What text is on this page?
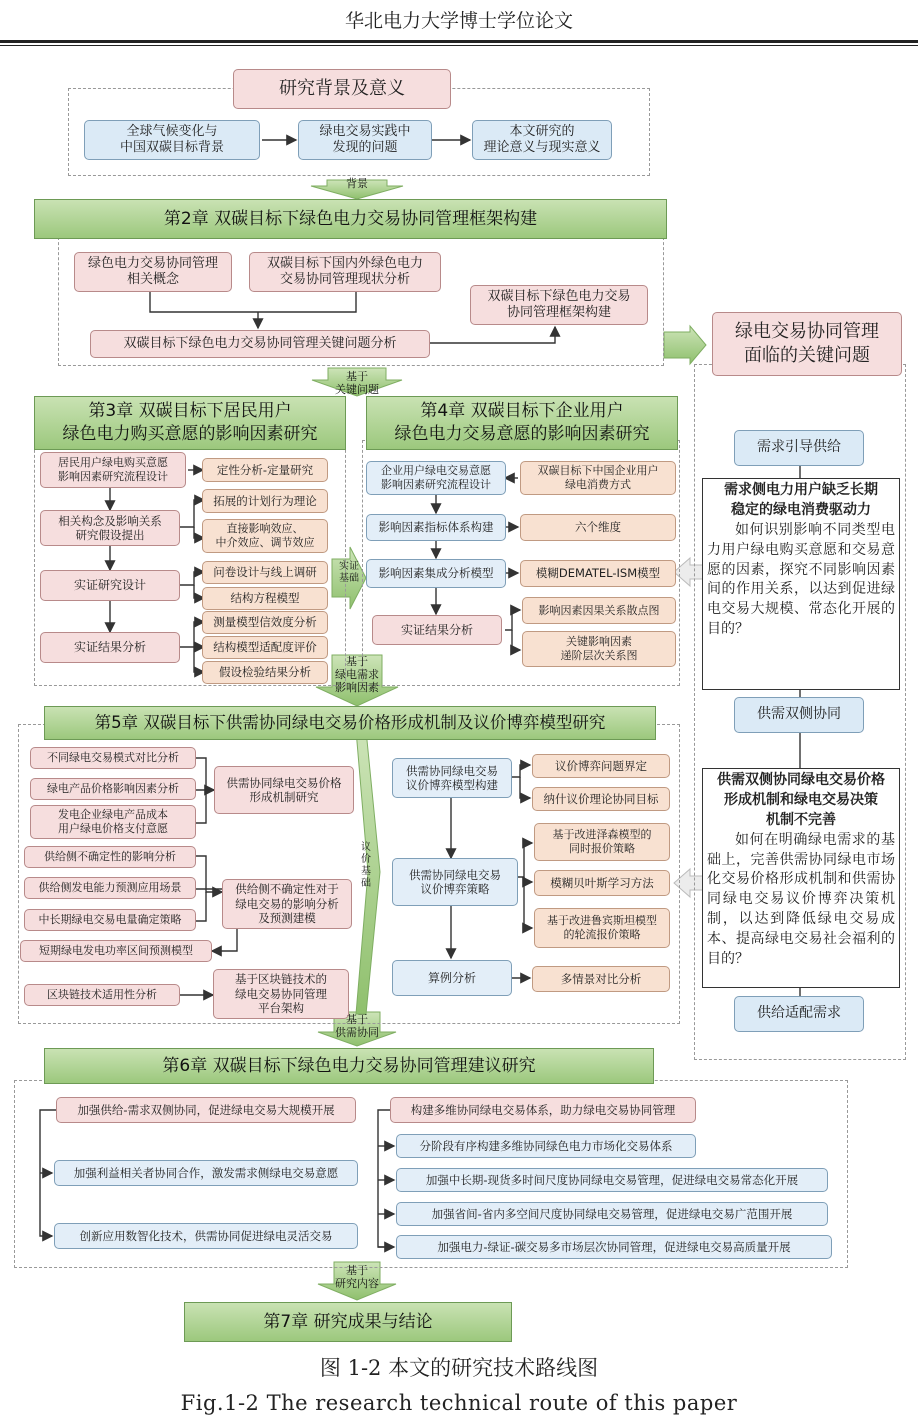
华北电力大学博士学位论文
研究背景及意义
全球气候变化与
中国双碳目标背景
绿电交易实践中
发现的问题
本文研究的
理论意义与现实意义
背景
第2章 双碳目标下绿色电力交易协同管理框架构建
绿色电力交易协同管理
相关概念
双碳目标下国内外绿色电力
交易协同管理现状分析
双碳目标下绿色电力交易
协同管理框架构建
双碳目标下绿色电力交易协同管理关键问题分析
基于
关键问题
第3章 双碳目标下居民用户
绿色电力购买意愿的影响因素研究
居民用户绿电购买意愿
影响因素研究流程设计
相关构念及影响关系
研究假设提出
实证研究设计
实证结果分析
定性分析-定量研究
拓展的计划行为理论
直接影响效应、
中介效应、调节效应
问卷设计与线上调研
结构方程模型
测量模型信效度分析
结构模型适配度评价
假设检验结果分析
实证
基础
第4章 双碳目标下企业用户
绿色电力交易意愿的影响因素研究
企业用户绿电交易意愿
影响因素研究流程设计
影响因素指标体系构建
影响因素集成分析模型
实证结果分析
双碳目标下中国企业用户
绿电消费方式
六个维度
模糊DEMATEL-ISM模型
影响因素因果关系散点图
关键影响因素
递阶层次关系图
基于
绿电需求
影响因素
第5章 双碳目标下供需协同绿电交易价格形成机制及议价博弈模型研究
不同绿电交易模式对比分析
绿电产品价格影响因素分析
发电企业绿电产品成本
用户绿电价格支付意愿
供给侧不确定性的影响分析
供给侧发电能力预测应用场景
中长期绿电交易电量确定策略
短期绿电发电功率区间预测模型
区块链技术适用性分析
供需协同绿电交易价格
形成机制研究
供给侧不确定性对于
绿电交易的影响分析
及预测建模
基于区块链技术的
绿电交易协同管理
平台架构
议
价
基
础
供需协同绿电交易
议价博弈模型构建
供需协同绿电交易
议价博弈策略
算例分析
议价博弈问题界定
纳什议价理论协同目标
基于改进泽森模型的
同时报价策略
模糊贝叶斯学习方法
基于改进鲁宾斯坦模型
的轮流报价策略
多情景对比分析
基于
供需协同
第6章 双碳目标下绿色电力交易协同管理建议研究
加强供给-需求双侧协同，促进绿电交易大规模开展
加强利益相关者协同合作，激发需求侧绿电交易意愿
创新应用数智化技术，供需协同促进绿电灵活交易
构建多维协同绿电交易体系，助力绿电交易协同管理
分阶段有序构建多维协同绿色电力市场化交易体系
加强中长期-现货多时间尺度协同绿电交易管理，促进绿电交易常态化开展
加强省间-省内多空间尺度协同绿电交易管理，促进绿电交易广范围开展
加强电力-绿证-碳交易多市场层次协同管理，促进绿电交易高质量开展
基于
研究内容
第7章 研究成果与结论
绿电交易协同管理
面临的关键问题
需求引导供给
需求侧电力用户缺乏长期
稳定的绿电消费驱动力
如何识别影响不同类型电力用户绿电购买意愿和交易意愿的因素，探究不同影响因素间的作用关系，以达到促进绿电交易大规模、常态化开展的目的？
供需双侧协同
供需双侧协同绿电交易价格
形成机制和绿电交易决策
机制不完善
如何在明确绿电需求的基础上，完善供需协同绿电市场化交易价格形成机制和供需协同绿电交易议价博弈决策机制，以达到降低绿电交易成本、提高绿电交易社会福利的目的？
供给适配需求
图 1-2 本文的研究技术路线图
Fig.1-2 The research technical route of this paper
